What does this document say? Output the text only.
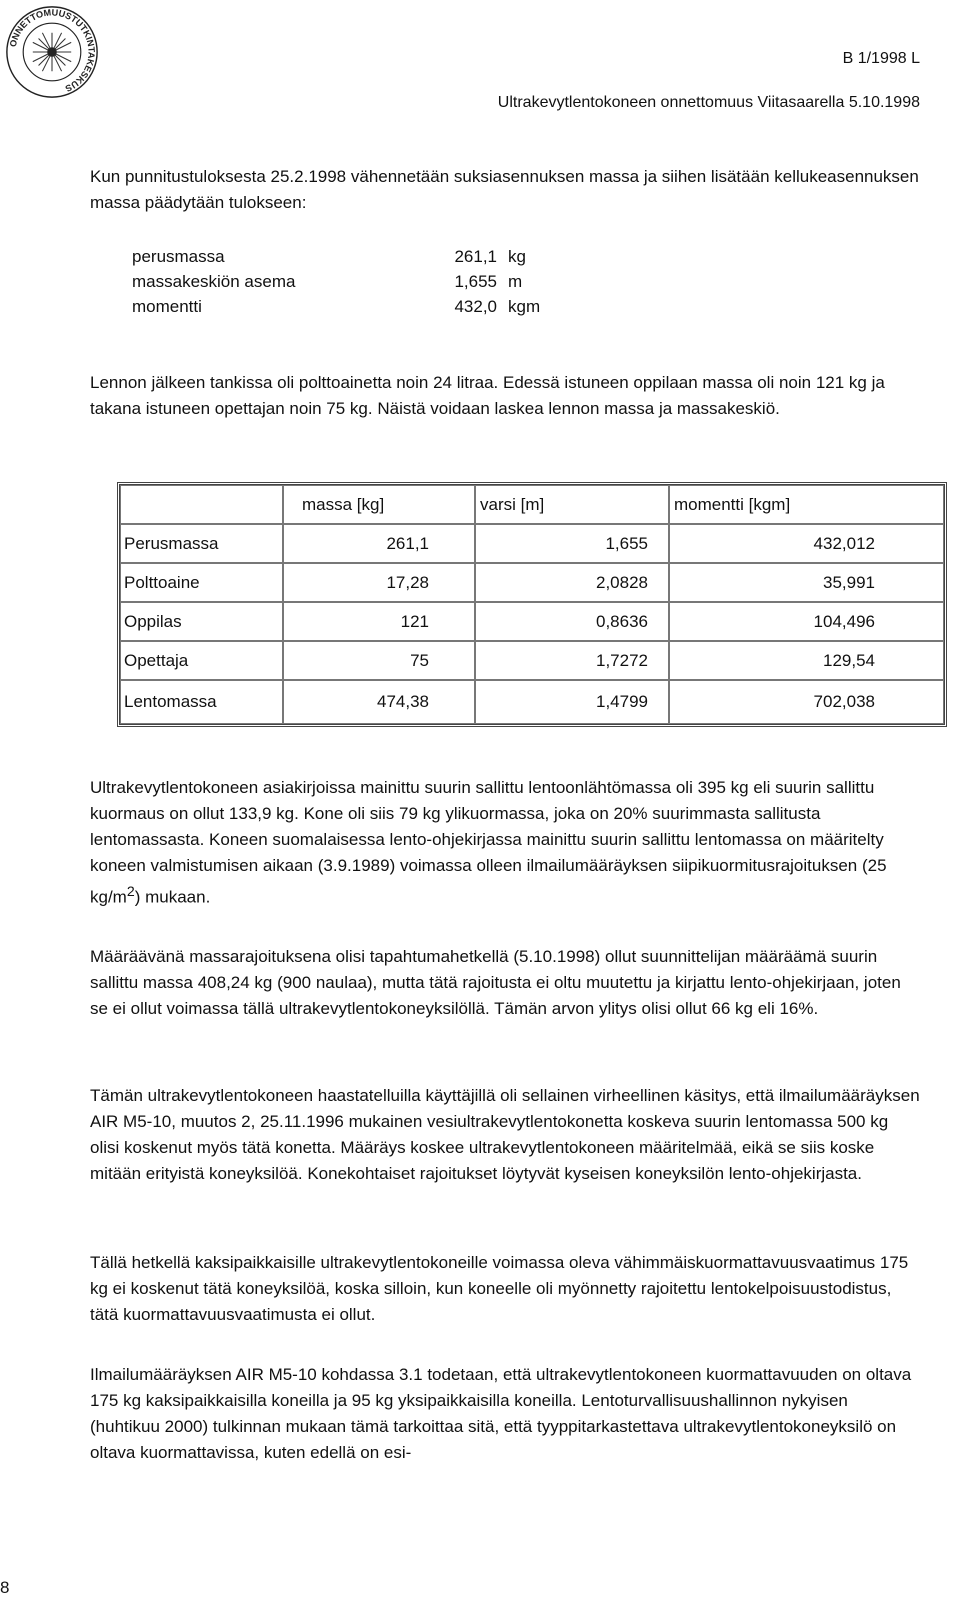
ONNETTOMUUSTUTKINTAKESKUS
B 1/1998 L
Ultrakevytlentokoneen onnettomuus Viitasaarella 5.10.1998

Kun punnitustuloksesta 25.2.1998 vähennetään suksiasennuksen massa ja siihen lisätään kellukeasennuksen massa päädytään tulokseen:

perusmassa	261,1 kg
massakeskiön asema	1,655 m
momentti	432,0 kgm

Lennon jälkeen tankissa oli polttoainetta noin 24 litraa. Edessä istuneen oppilaan massa oli noin 121 kg ja takana istuneen opettajan noin 75 kg. Näistä voidaan laskea lennon massa ja massakeskiö.

	massa [kg]	varsi [m]	momentti [kgm]
Perusmassa	261,1	1,655	432,012
Polttoaine	17,28	2,0828	35,991
Oppilas	121	0,8636	104,496
Opettaja	75	1,7272	129,54
Lentomassa	474,38	1,4799	702,038

Ultrakevytlentokoneen asiakirjoissa mainittu suurin sallittu lentoonlähtömassa oli 395 kg eli suurin sallittu kuormaus on ollut 133,9 kg. Kone oli siis 79 kg ylikuormassa, joka on 20% suurimmasta sallitusta lentomassasta. Koneen suomalaisessa lento-ohjekirjassa mainittu suurin sallittu lentomassa on määritelty koneen valmistumisen aikaan (3.9.1989) voimassa olleen ilmailumääräyksen siipikuormitusrajoituksen (25 $kg/m^2$) mukaan.

Määräävänä massarajoituksena olisi tapahtumahetkellä (5.10.1998) ollut suunnittelijan määräämä suurin sallittu massa 408,24 kg (900 naulaa), mutta tätä rajoitusta ei oltu muutettu ja kirjattu lento-ohjekirjaan, joten se ei ollut voimassa tällä ultrakevytlentokoneyksilöllä. Tämän arvon ylitys olisi ollut 66 kg eli 16%.

Tämän ultrakevytlentokoneen haastatelluilla käyttäjillä oli sellainen virheellinen käsitys, että ilmailumääräyksen AIR M5-10, muutos 2, 25.11.1996 mukainen vesiultrakevytlentokonetta koskeva suurin lentomassa 500 kg olisi koskenut myös tätä konetta. Määräys koskee ultrakevytlentokoneen määritelmää, eikä se siis koske mitään erityistä koneyksilöä. Konekohtaiset rajoitukset löytyvät kyseisen koneyksilön lento-ohjekirjasta.

Tällä hetkellä kaksipaikkaisille ultrakevytlentokoneille voimassa oleva vähimmäiskuormattavuusvaatimus 175 kg ei koskenut tätä koneyksilöä, koska silloin, kun koneelle oli myönnetty rajoitettu lentokelpoisuustodistus, tätä kuormattavuusvaatimusta ei ollut.

Ilmailumääräyksen AIR M5-10 kohdassa 3.1 todetaan, että ultrakevytlentokoneen kuormattavuuden on oltava 175 kg kaksipaikkaisilla koneilla ja 95 kg yksipaikkaisilla koneilla. Lentoturvallisuushallinnon nykyisen (huhtikuu 2000) tulkinnan mukaan tämä tarkoittaa sitä, että tyyppitarkastettava ultrakevytlentokoneyksilö on oltava kuormattavissa, kuten edellä on esi-

8
